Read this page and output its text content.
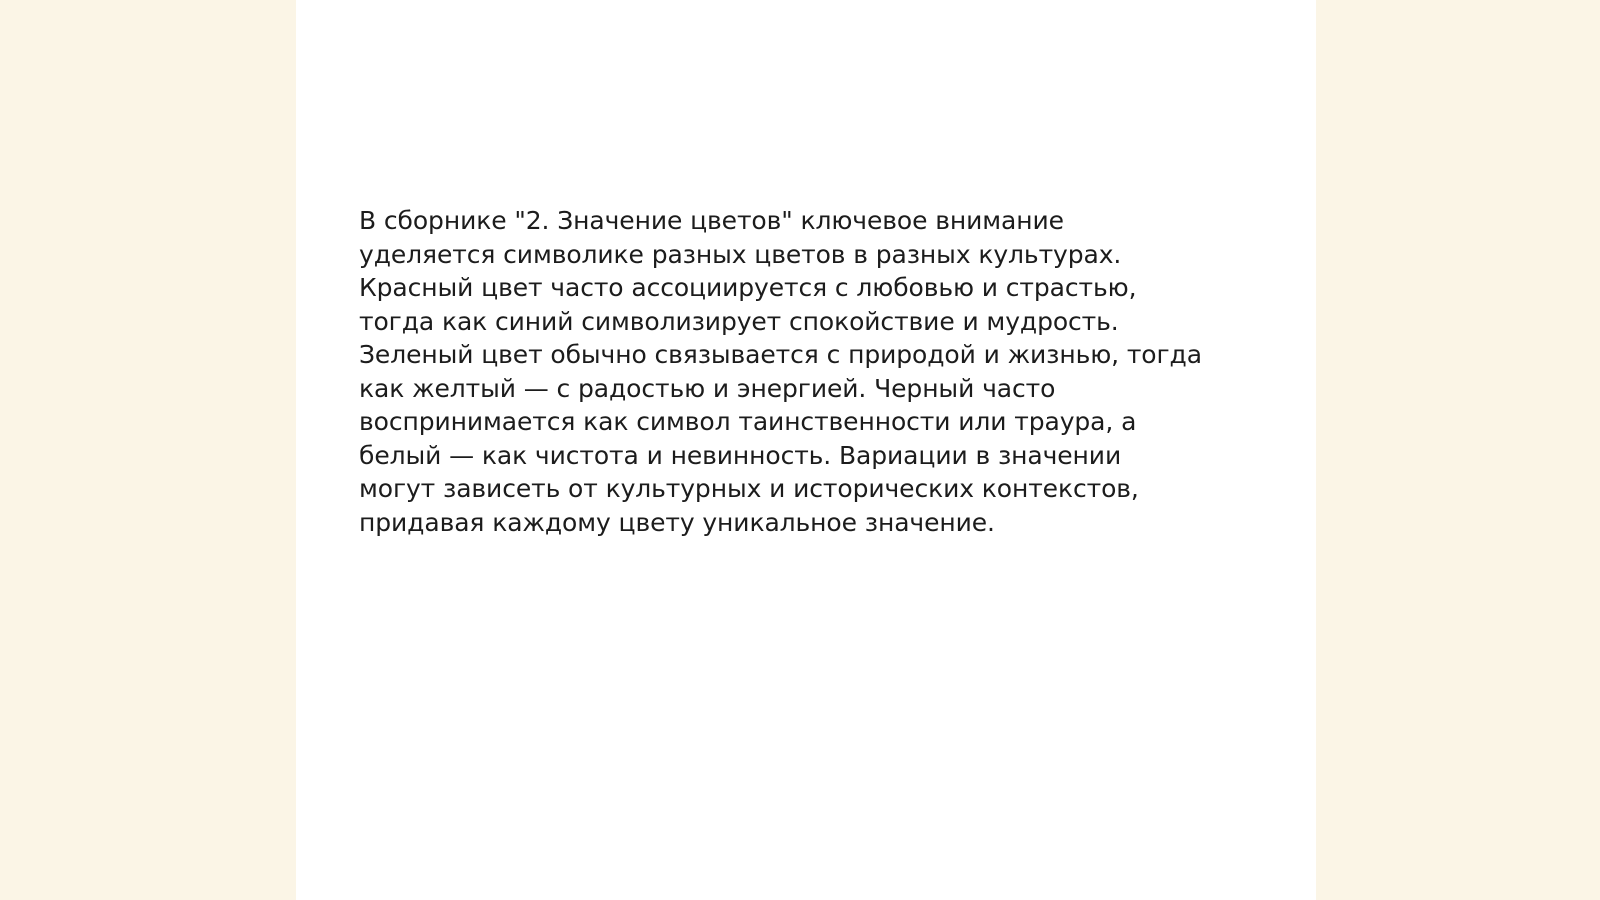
В сборнике "2. Значение цветов" ключевое внимание
уделяется символике разных цветов в разных культурах.
Красный цвет часто ассоциируется с любовью и страстью,
тогда как синий символизирует спокойствие и мудрость.
Зеленый цвет обычно связывается с природой и жизнью, тогда
как желтый — с радостью и энергией. Черный часто
воспринимается как символ таинственности или траура, а
белый — как чистота и невинность. Вариации в значении
могут зависеть от культурных и исторических контекстов,
придавая каждому цвету уникальное значение.
